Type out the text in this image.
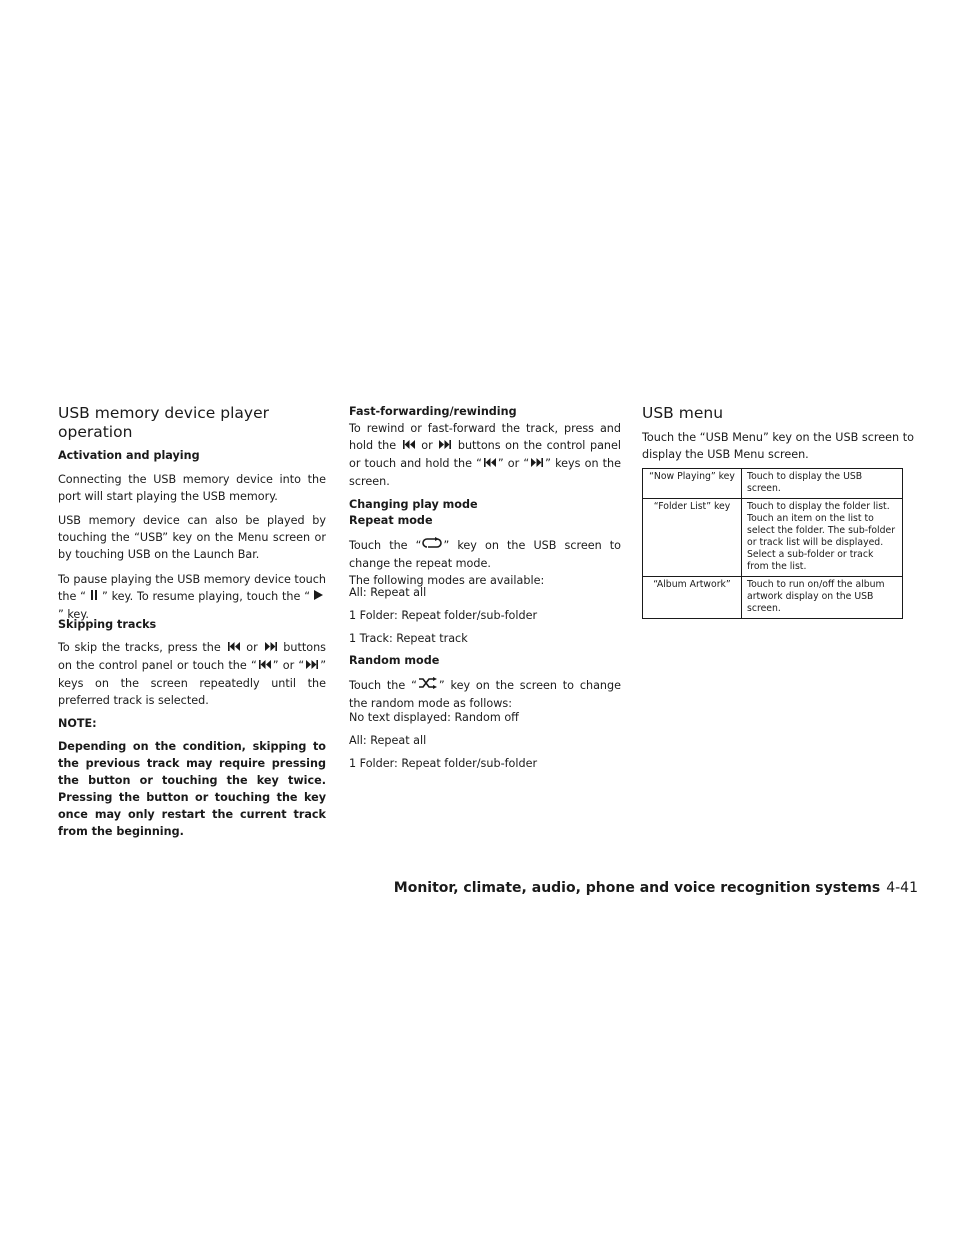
USB memory device player
operation
Activation and playing

Connecting the USB memory device into the port will start playing the USB memory.

USB memory device can also be played by touching the “USB” key on the Menu screen or by touching USB on the Launch Bar.

To pause playing the USB memory device touch the “ ” key. To resume playing, touch the “” key.

Skipping tracks

To skip the tracks, press the  or  buttons on the control panel or touch the “ ” or “ ” keys on the screen repeatedly until the preferred track is selected.

NOTE:

Depending on the condition, skipping to the previous track may require pressing the button or touching the key twice. Pressing the button or touching the key once may only restart the current track from the beginning.

Fast-forwarding/rewinding

To rewind or fast-forward the track, press and hold the  or  buttons on the control panel or touch and hold the “ ” or “ ” keys on the screen.

Changing play mode
Repeat mode

Touch the “ ” key on the USB screen to change the repeat mode.
The following modes are available:

All: Repeat all

1 Folder: Repeat folder/sub-folder

1 Track: Repeat track

Random mode

Touch the “ ” key on the screen to change the random mode as follows:

No text displayed: Random off

All: Repeat all

1 Folder: Repeat folder/sub-folder

USB menu

Touch the “USB Menu” key on the USB screen to display the USB Menu screen.

“Now Playing” key	Touch to display the USB screen.
“Folder List” key	Touch to display the folder list. Touch an item on the list to select the folder. The sub-folder or track list will be displayed. Select a sub-folder or track from the list.
“Album Artwork”	Touch to run on/off the album artwork display on the USB screen.
Monitor, climate, audio, phone and voice recognition systems 4-41
